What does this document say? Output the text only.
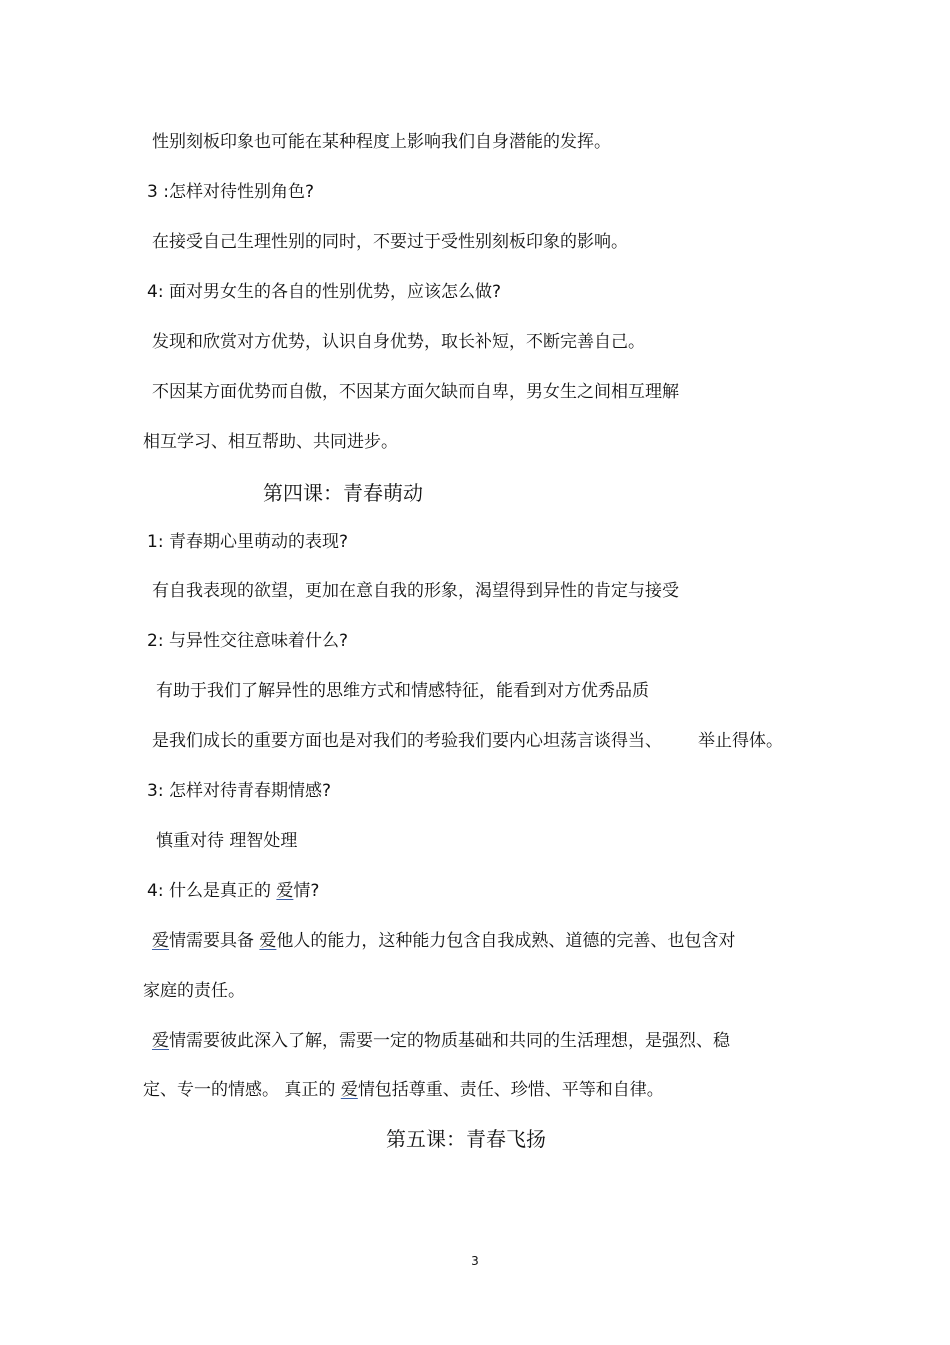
性别刻板印象也可能在某种程度上影响我们自身潜能的发挥。
3 :怎样对待性别角色?
在接受自己生理性别的同时，不要过于受性别刻板印象的影响。
4: 面对男女生的各自的性别优势，应该怎么做?
发现和欣赏对方优势，认识自身优势，取长补短，不断完善自己。
不因某方面优势而自傲，不因某方面欠缺而自卑，男女生之间相互理解
相互学习、相互帮助、共同进步。
第四课：青春萌动
1: 青春期心里萌动的表现?
有自我表现的欲望，更加在意自我的形象，渴望得到异性的肯定与接受
2: 与异性交往意味着什么?
有助于我们了解异性的思维方式和情感特征，能看到对方优秀品质
是我们成长的重要方面也是对我们的考验我们要内心坦荡言谈得当、 举止得体。
3: 怎样对待青春期情感?
慎重对待 理智处理
4: 什么是真正的 爱情?
爱情需要具备 爱他人的能力，这种能力包含自我成熟、道德的完善、也包含对
家庭的责任。
爱情需要彼此深入了解，需要一定的物质基础和共同的生活理想，是强烈、稳
定、专一的情感。 真正的 爱情包括尊重、责任、珍惜、平等和自律。
第五课：青春飞扬
3
